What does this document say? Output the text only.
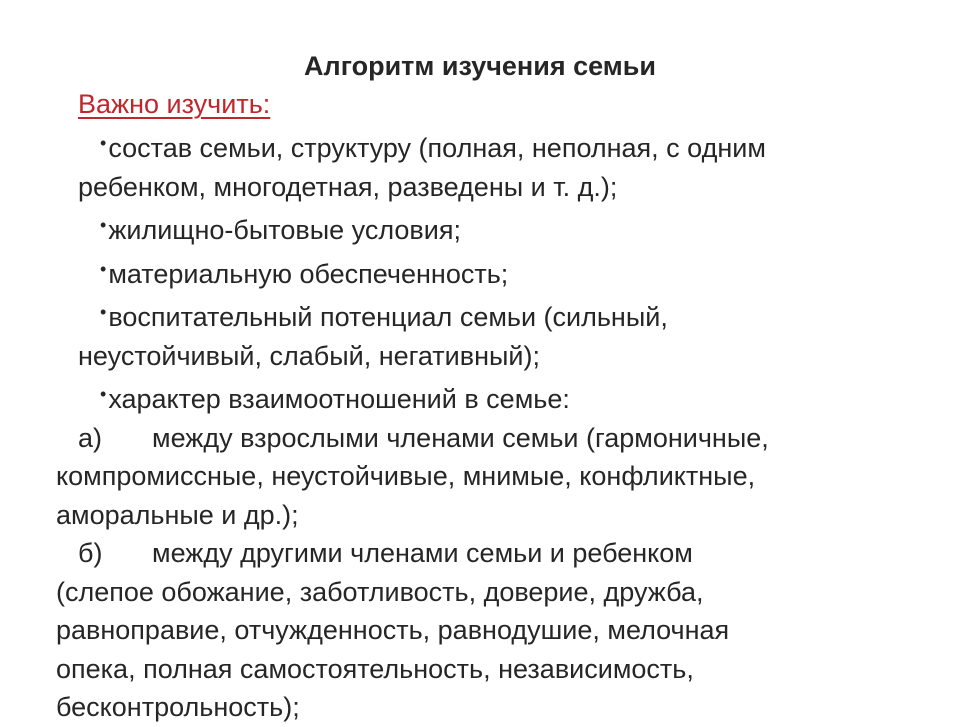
Алгоритм изучения семьи
Важно изучить:
•состав семьи, структуру (полная, неполная, с одним
ребенком, многодетная, разведены и т. д.);
•жилищно-бытовые условия;
•материальную обеспеченность;
•воспитательный потенциал семьи (сильный,
неустойчивый, слабый, негативный);
•характер взаимоотношений в семье:
а) между взрослыми членами семьи (гармоничные,
компромиссные, неустойчивые, мнимые, конфликтные,
аморальные и др.);
б) между другими членами семьи и ребенком
(слепое обожание, заботливость, доверие, дружба,
равноправие, отчужденность, равнодушие, мелочная
опека, полная самостоятельность, независимость,
бесконтрольность);
